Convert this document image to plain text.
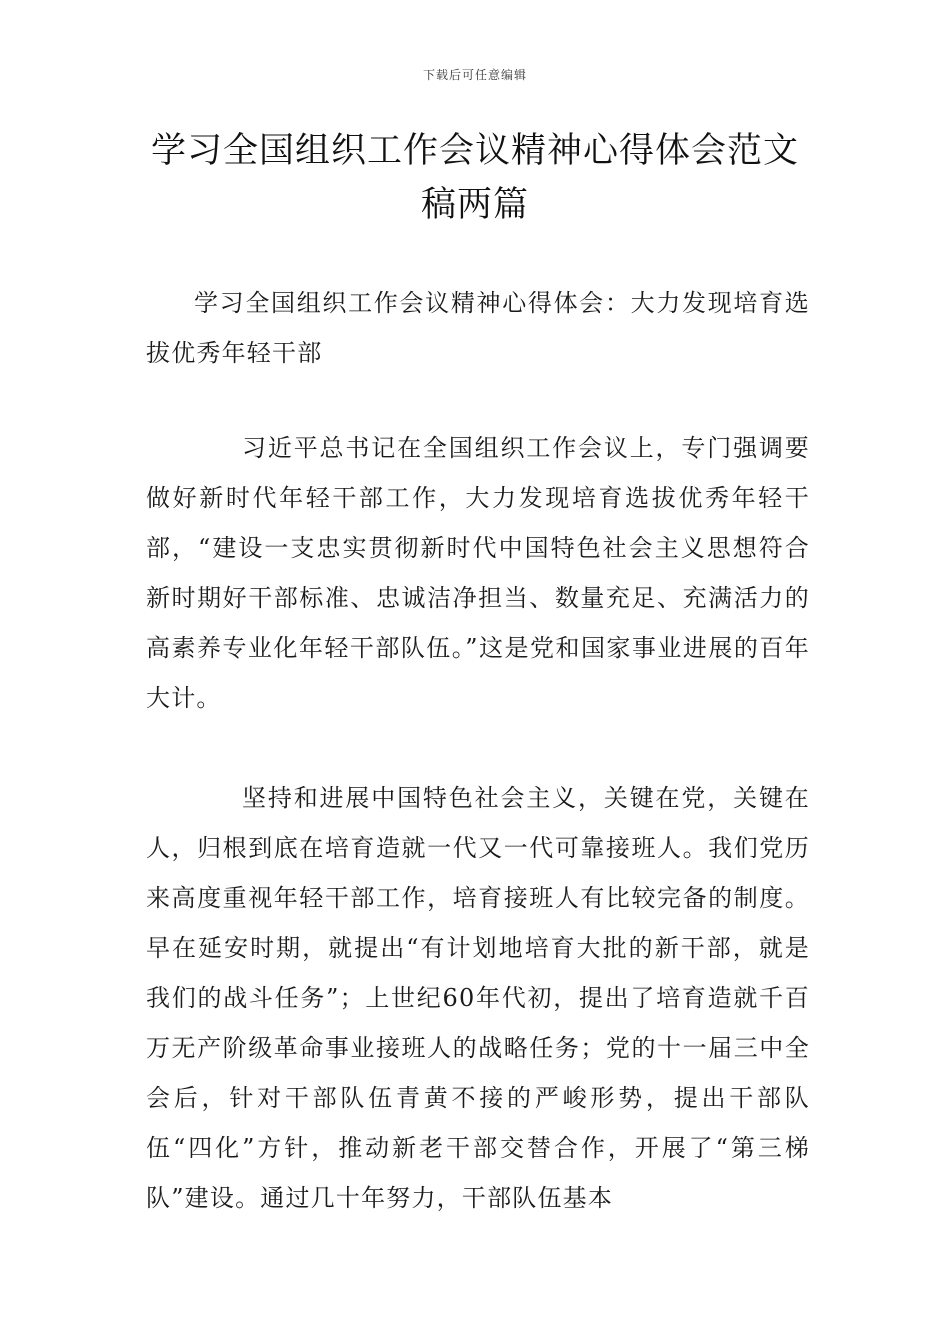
下载后可任意编辑
学习全国组织工作会议精神心得体会范文稿两篇
学习全国组织工作会议精神心得体会：大力发现培育选拔优秀年轻干部
习近平总书记在全国组织工作会议上，专门强调要做好新时代年轻干部工作，大力发现培育选拔优秀年轻干部，“建设一支忠实贯彻新时代中国特色社会主义思想符合新时期好干部标准、忠诚洁净担当、数量充足、充满活力的高素养专业化年轻干部队伍。”这是党和国家事业进展的百年大计。
坚持和进展中国特色社会主义，关键在党，关键在人，归根到底在培育造就一代又一代可靠接班人。我们党历来高度重视年轻干部工作，培育接班人有比较完备的制度。早在延安时期，就提出“有计划地培育大批的新干部，就是我们的战斗任务”；上世纪60年代初，提出了培育造就千百万无产阶级革命事业接班人的战略任务；党的十一届三中全会后，针对干部队伍青黄不接的严峻形势，提出干部队伍“四化”方针，推动新老干部交替合作，开展了“第三梯队”建设。通过几十年努力，干部队伍基本
